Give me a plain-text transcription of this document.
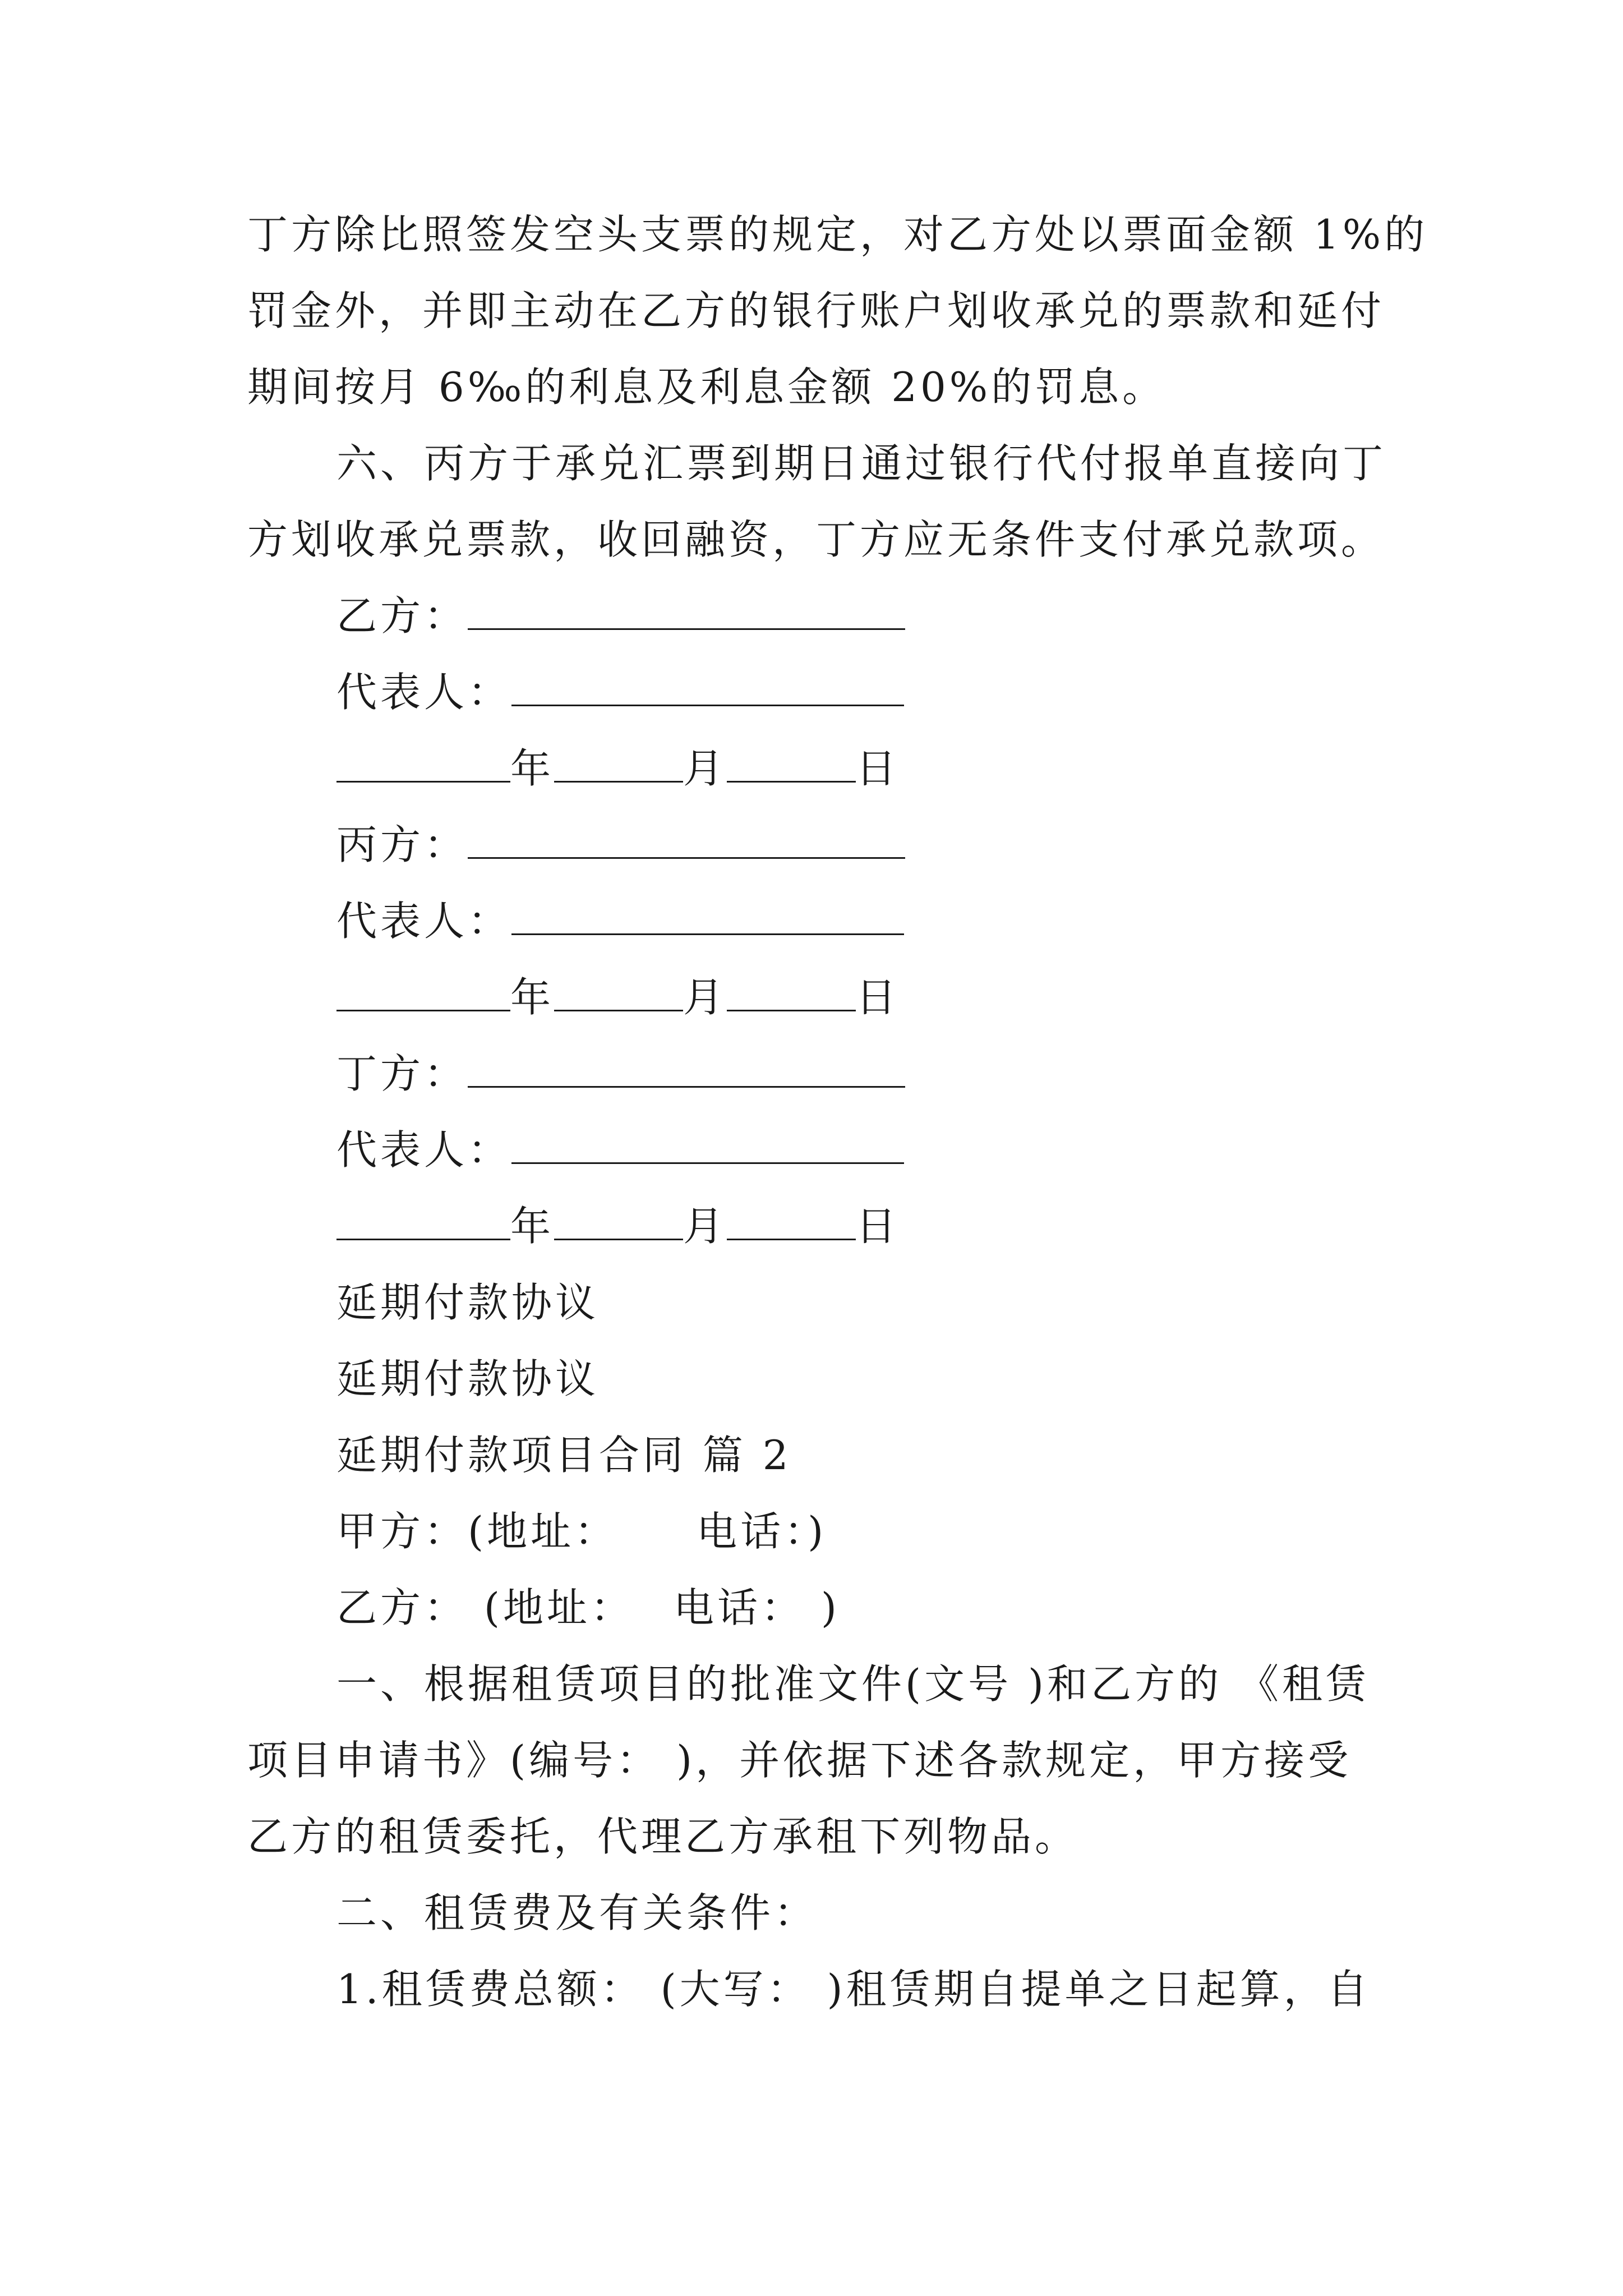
丁方除比照签发空头支票的规定，对乙方处以票面金额 1%的
罚金外，并即主动在乙方的银行账户划收承兑的票款和延付
期间按月 6‰的利息及利息金额 20%的罚息。
六、丙方于承兑汇票到期日通过银行代付报单直接向丁
方划收承兑票款，收回融资，丁方应无条件支付承兑款项。
乙方：
代表人：
年	月	日
丙方：
代表人：
年	月	日
丁方：
代表人：
年	月	日
延期付款协议
延期付款协议
延期付款项目合同 篇 2
甲方：(地址： 电话：)
乙方： (地址： 电话： )
一、根据租赁项目的批准文件(文号 )和乙方的 《租赁
项目申请书》(编号： )，并依据下述各款规定，甲方接受
乙方的租赁委托，代理乙方承租下列物品。
二、租赁费及有关条件：
1.租赁费总额： (大写： )租赁期自提单之日起算，自
